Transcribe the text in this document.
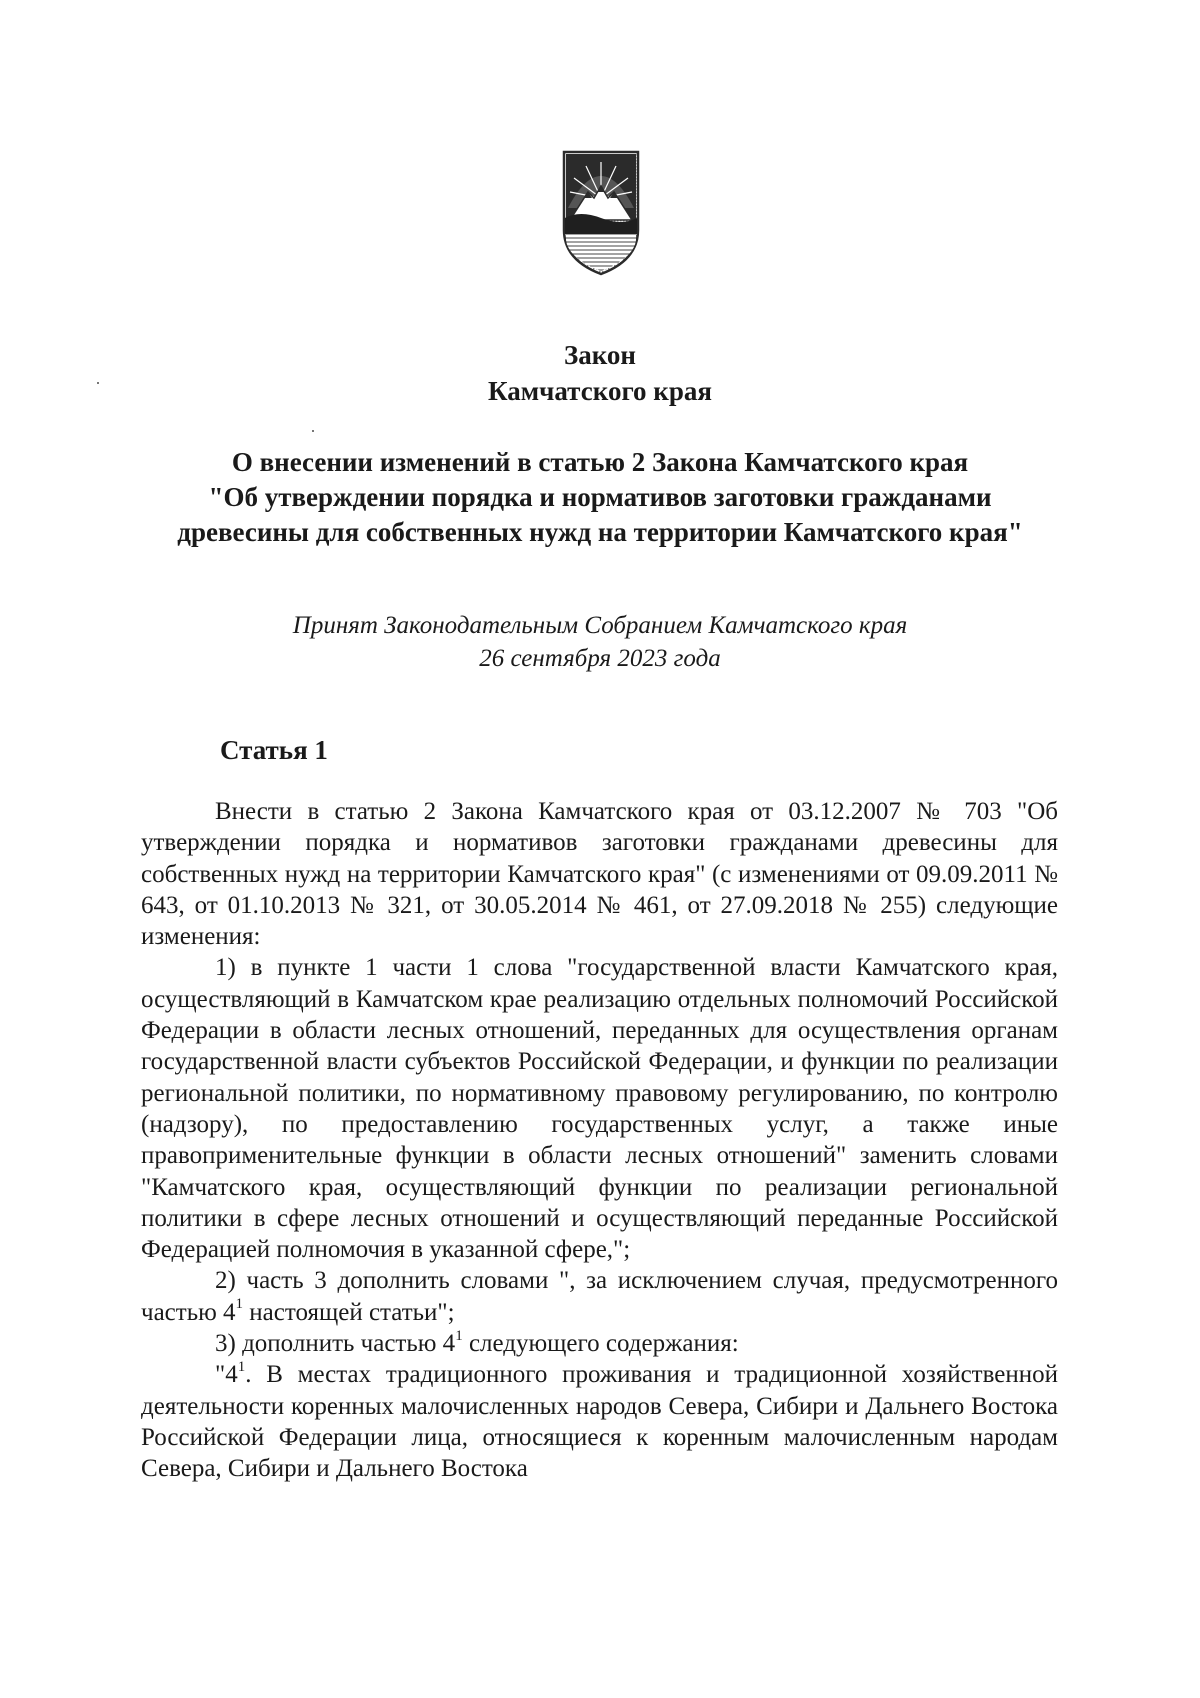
Закон
Камчатского края
О внесении изменений в статью 2 Закона Камчатского края
"Об утверждении порядка и нормативов заготовки гражданами
древесины для собственных нужд на территории Камчатского края"
Принят Законодательным Собранием Камчатского края
26 сентября 2023 года
Статья 1

Внести в статью 2 Закона Камчатского края от 03.12.2007 № 703 "Об утверждении порядка и нормативов заготовки гражданами древесины для собственных нужд на территории Камчатского края" (с изменениями от 09.09.2011 № 643, от 01.10.2013 № 321, от 30.05.2014 № 461, от 27.09.2018 № 255) следующие изменения:

1) в пункте 1 части 1 слова "государственной власти Камчатского края, осуществляющий в Камчатском крае реализацию отдельных полномочий Российской Федерации в области лесных отношений, переданных для осуществления органам государственной власти субъектов Российской Федерации, и функции по реализации региональной политики, по нормативному правовому регулированию, по контролю (надзору), по предоставлению государственных услуг, а также иные правоприменительные функции в области лесных отношений" заменить словами "Камчатского края, осуществляющий функции по реализации региональной политики в сфере лесных отношений и осуществляющий переданные Российской Федерацией полномочия в указанной сфере,";

2) часть 3 дополнить словами ", за исключением случая, предусмотренного частью $4^1$ настоящей статьи";

3) дополнить частью $4^1$ следующего содержания:

"$4^1$. В местах традиционного проживания и традиционной хозяйственной деятельности коренных малочисленных народов Севера, Сибири и Дальнего Востока Российской Федерации лица, относящиеся к коренным малочисленным народам Севера, Сибири и Дальнего Востока
